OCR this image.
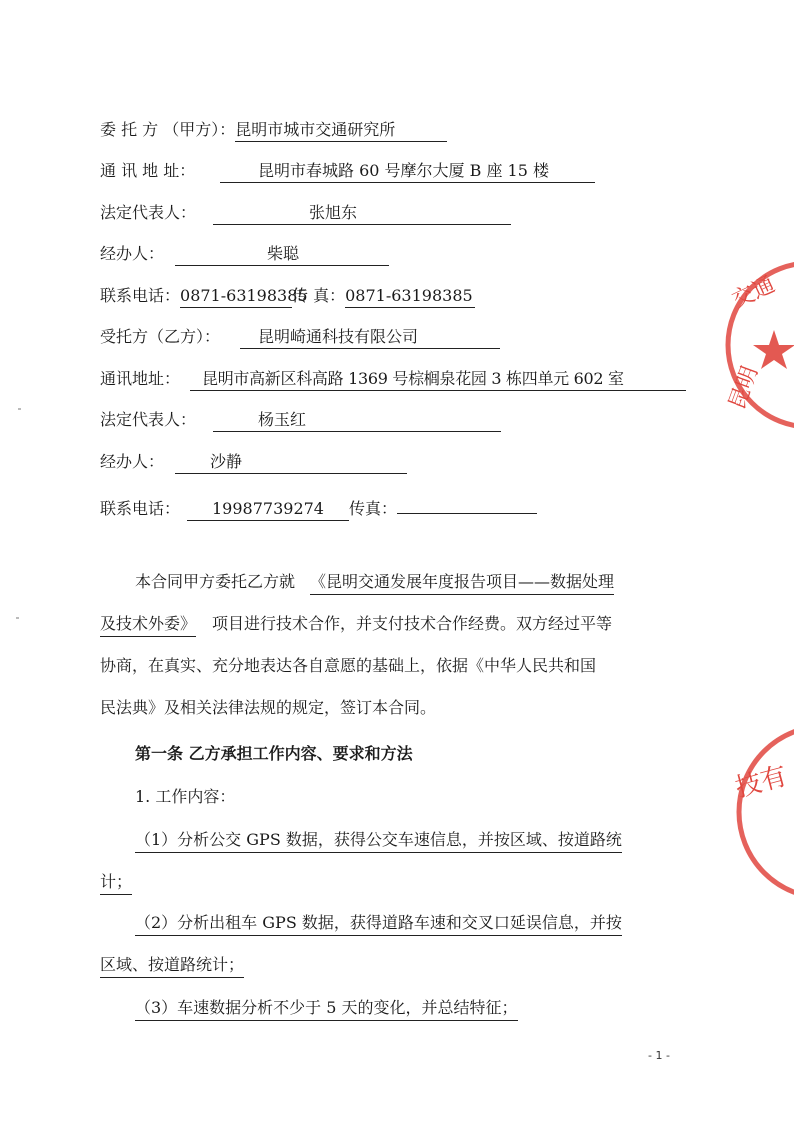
委 托 方 （甲方）：昆明市城市交通研究所
通 讯 地 址：	昆明市春城路 60 号摩尔大厦 B 座 15 楼
法定代表人：	张旭东
经办人：	柴聪
联系电话：0871-63198385传 真：0871-63198385
受托方（乙方）： 昆明崎通科技有限公司
通讯地址： 昆明市高新区科高路 1369 号棕榈泉花园 3 栋四单元 602 室
法定代表人：	杨玉红
经办人：	沙静
联系电话： 19987739274 传真：
本合同甲方委托乙方就 《昆明交通发展年度报告项目——数据处理
及技术外委》 项目进行技术合作，并支付技术合作经费。双方经过平等
协商，在真实、充分地表达各自意愿的基础上，依据《中华人民共和国
民法典》及相关法律法规的规定，签订本合同。
第一条 乙方承担工作内容、要求和方法
1. 工作内容：
（1）分析公交 GPS 数据，获得公交车速信息，并按区域、按道路统
计；
（2）分析出租车 GPS 数据，获得道路车速和交叉口延误信息，并按
区域、按道路统计；
（3）车速数据分析不少于 5 天的变化，并总结特征；
- 1 -
交通
昆明
技有
